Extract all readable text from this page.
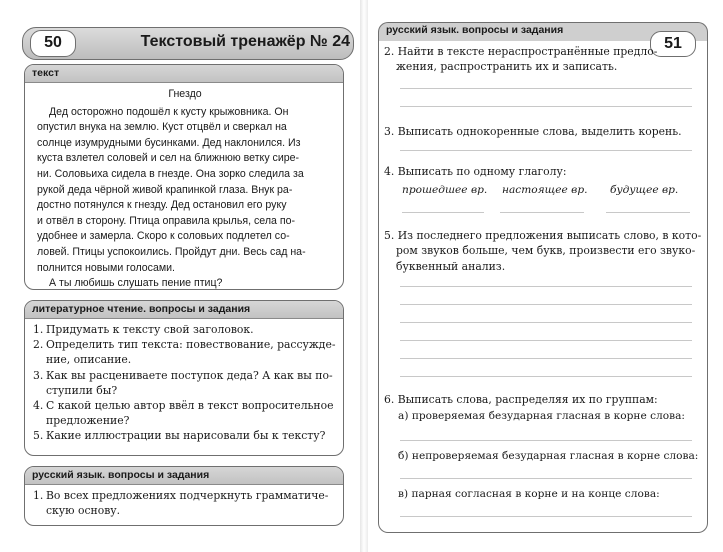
Текстовый тренажёр № 24
50
текст
Гнездо
Дед осторожно подошёл к кусту крыжовника. Он
опустил внука на землю. Куст отцвёл и сверкал на
солнце изумрудными бусинками. Дед наклонился. Из
куста взлетел соловей и сел на ближнюю ветку сире-
ни. Соловьиха сидела в гнезде. Она зорко следила за
рукой деда чёрной живой крапинкой глаза. Внук ра-
достно потянулся к гнезду. Дед остановил его руку
и отвёл в сторону. Птица оправила крылья, села по-
удобнее и замерла. Скоро к соловьих подлетел со-
ловей. Птицы успокоились. Пройдут дни. Весь сад на-
полнится новыми голосами.
А ты любишь слушать пение птиц?
литературное чтение. вопросы и задания
1. Придумать к тексту свой заголовок.
2. Определить тип текста: повествование, рассужде-
ние, описание.
3. Как вы расцениваете поступок деда? А как вы по-
ступили бы?
4. С какой целью автор ввёл в текст вопросительное
предложение?
5. Какие иллюстрации вы нарисовали бы к тексту?
русский язык. вопросы и задания
1. Во всех предложениях подчеркнуть грамматиче-
скую основу.
русский язык. вопросы и задания
51
2. Найти в тексте нераспространённые предло-
жения, распространить их и записать.
3. Выписать однокоренные слова, выделить корень.
4. Выписать по одному глаголу:
прошедшее вр. настоящее вр. будущее вр.
5. Из последнего предложения выписать слово, в кото-
ром звуков больше, чем букв, произвести его звуко-
буквенный анализ.
6. Выписать слова, распределяя их по группам:
а) проверяемая безударная гласная в корне слова:
б) непроверяемая безударная гласная в корне слова:
в) парная согласная в корне и на конце слова:
